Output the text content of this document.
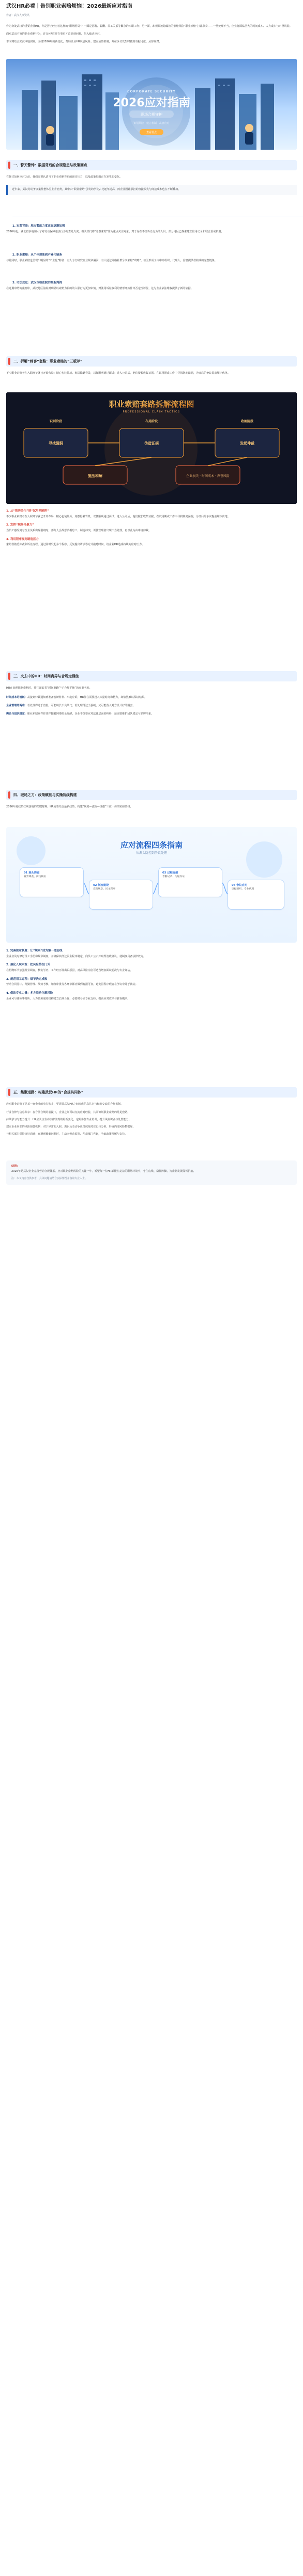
武汉HR必看｜告别职业索赔烦恼！2026最新应对指南
作者：武汉人事资讯
作为身处武汉的重要企业HR，你是否正经历着这样的“职场困局”？一面是招聘、薪酬、员工关系等繁杂的本职工作；另一面，却频频被隐藏着的索赔风险“职业索赔”打乱节奏——一旦处理不当，企业将面临巨大的时间成本、人力成本与声誉风险。
面对层出不穷的职业索赔行为，许多HR往往在事后才意识到问题，陷入被动应对。
本文将结合武汉本地实践，围绕2026年的新变化，帮助企业HR识别风险、建立预防机制，并在争议发生时做到有据可依、从容应对。
CORPORATE SECURITY
2026应对指南
职场合规守护
识别风险 · 建立机制 · 从容应对
查看要点
一、 警天警钟：数据背后的合规隐患与政策回点
在探讨如何应对之前，我们需要认清当下职业索赔背后的现实压力，以及政策层面正在发生的变化。
近年来，武汉劳动争议案件整体呈上升态势，其中由“职业索赔”引发的争议占比逐年提高，而企业因此承担的直接损失与间接成本也在不断叠加。
1. 宏观背景：地方警政力度正在逐渐加强
2026年起，湖北省多地加大了对劳动保障违法行为的查处力度。相关部门将“恶意索赔”作为重点关注对象，对于存在不当诉讼行为的人员，部分地区已探索建立信用记录和联合惩戒机制。
2. 职业索赔：从个体现象到产业化链条
与此同时，职业索赔也呈现出明显的“产业化”特征：有人专门研究企业规章漏洞，有人通过网络社群分享索赔“攻略”，甚至形成了由中介组织、代理人、信息提供者构成的完整链条。
3. 司法变迁：武汉市检法院的最新判例
在近期审结的案例中，武汉地区法院对明显以索赔为目的的入职行为更加审慎，对滥用诉讼权利的情形开始作出否定性评价，这为企业依法维权提供了新的依据。
二、 拆解“刺客”套路：职业索赔的“三板斧”
不少职业索赔者在入职环节就已开始布局：精心包装简历、刻意隐瞒背景，以便顺利通过面试；进入公司后，他们擅长收集证据，在试用期或工作中寻找制度漏洞，为日后的争议提前埋下伏笔。
职业索赔套路拆解流程图
PROFESSIONAL CLAIM TACTICS
识别阶段	布局阶段	收割阶段
寻找漏洞	伪造证据	发起仲裁
施压和解	企业损失 · 时间成本 · 声誉风险
1. 从“简历美化”到“试用期陷阱”
不少职业索赔者在入职环节就已开始布局：精心包装简历、刻意隐瞒背景，以便顺利通过面试；进入公司后，他们擅长收集证据，在试用期或工作中寻找制度漏洞，为日后的争议提前埋下伏笔。
2. 发挥“职场冷暴力”
当员工感受到与企业关系出现裂痕时，部分人会故意消极怠工、制造冲突，诱使管理者出现不当处理，再以此为由申请仲裁。
3. 利用程序规则制造压力
索赔者熟悉仲裁和诉讼流程，通过同时发起多个程序、反复提出请求等方式拖延时间，给企业HR造成持续的应对压力。
三、 火去中的HR：时间离异与合规走钢丝
HR在处理职业索赔时，往往面临着“时间赛跑”与“合规平衡”的双重考验。
时间成本的消耗：从接到仲裁通知到准备答辩材料、出庭应诉，HR往往需要投入大量时间和精力，却依然难以保证结果。
企业管理的两难：若处理得过于宽松，可能助长不良风气；若处理得过于强硬，又可能落入对方设计好的圈套。
舆论与团队稳定：职业索赔案件往往伴随着网络舆论发酵，企业不仅要应对法律层面的纠纷，还需要维护团队稳定与品牌形象。
四、 破局之刀：政策赋能与实操防线构建
2026年是政策红利落地的关键时期，HR需要结合最新政策，构建“制度—流程—证据”三位一体的实操防线。
应对流程四条指南
从源头防控到争议处理
01 源头筛查
背景调查、简历核实
02 制度建设
完善规章、民主程序
03 过程留痕
考勤记录、沟通存证
04 争议应对
证据组织、专业代理
1. 完善规章制度：让“规则”成为第一道防线
企业应及时修订员工手册和规章制度，并确保其经过民主程序制定、向员工公示并取得签收确认，使制度具备法律效力。
2. 强化入职审查：把风险挡在门外
在招聘环节加强背景调查，核实学历、工作经历及离职原因，对高风险岗位可适当增加面试轮次与专业评估。
3. 规范用工过程：细节决定成败
劳动合同签订、考勤管理、绩效考核、加班审批等各环节都应做到有据可查，避免因程序瑕疵在争议中处于被动。
4. 借助专业力量：多方联动化解风险
企业可与律师事务所、人力资源服务机构建立长期合作，必要时寻求专业支持，提高应对效率与胜诉概率。
五、 集聚道路：构建武汉HR的“合规共同体”
应对职业索赔不是某一家企业的单打独斗，更需要武汉HR之间形成信息共享与经验交流的合作机制。
行业自律与信息共享：在合法合规的前提下，企业之间可以交流应对经验，共同识别职业索赔的常见套路。
持续学习与能力提升：HR应关注劳动法律法规的最新变化，定期参加专业培训，提升风险识别与处置能力。
建立企业内部的风险预警机制：对于异常的入职、离职及劳动争议情况及时登记与分析，形成内部风险数据库。
与相关部门保持良好沟通：在遇到疑难问题时，主动向劳动监察、仲裁部门咨询，争取政策理解与支持。
结语：
2026年是武汉企业完善劳动合规体系、应对职业索赔风险的关键一年。希望每一位HR都能在复杂的职场环境中，守住底线、稳住阵脚，为企业发展保驾护航。
注：本文内容仅供参考，具体问题请结合实际情况并咨询专业人士。
